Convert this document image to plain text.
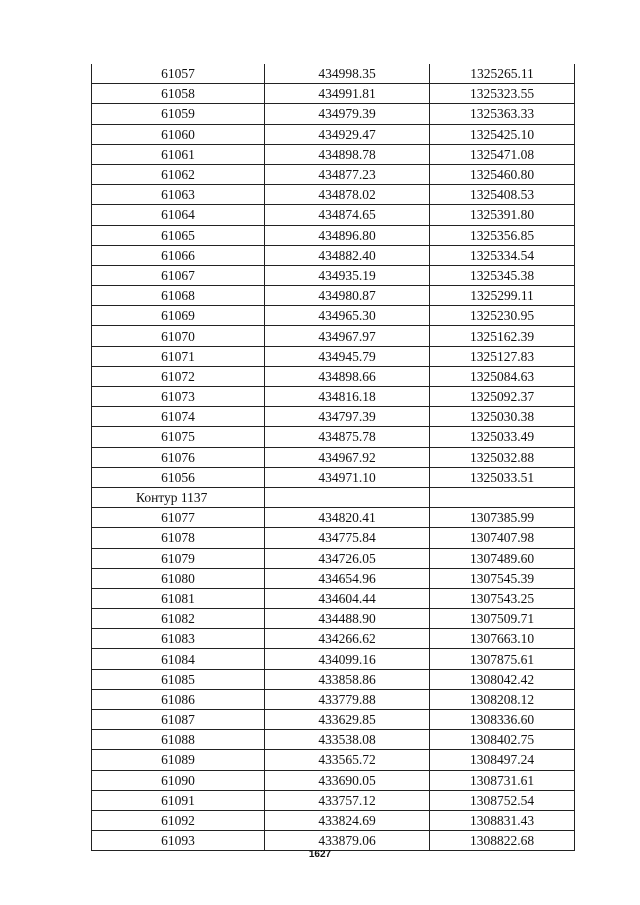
61057	434998.35	1325265.11
61058	434991.81	1325323.55
61059	434979.39	1325363.33
61060	434929.47	1325425.10
61061	434898.78	1325471.08
61062	434877.23	1325460.80
61063	434878.02	1325408.53
61064	434874.65	1325391.80
61065	434896.80	1325356.85
61066	434882.40	1325334.54
61067	434935.19	1325345.38
61068	434980.87	1325299.11
61069	434965.30	1325230.95
61070	434967.97	1325162.39
61071	434945.79	1325127.83
61072	434898.66	1325084.63
61073	434816.18	1325092.37
61074	434797.39	1325030.38
61075	434875.78	1325033.49
61076	434967.92	1325032.88
61056	434971.10	1325033.51
Контур 1137		
61077	434820.41	1307385.99
61078	434775.84	1307407.98
61079	434726.05	1307489.60
61080	434654.96	1307545.39
61081	434604.44	1307543.25
61082	434488.90	1307509.71
61083	434266.62	1307663.10
61084	434099.16	1307875.61
61085	433858.86	1308042.42
61086	433779.88	1308208.12
61087	433629.85	1308336.60
61088	433538.08	1308402.75
61089	433565.72	1308497.24
61090	433690.05	1308731.61
61091	433757.12	1308752.54
61092	433824.69	1308831.43
61093	433879.06	1308822.68
1627
